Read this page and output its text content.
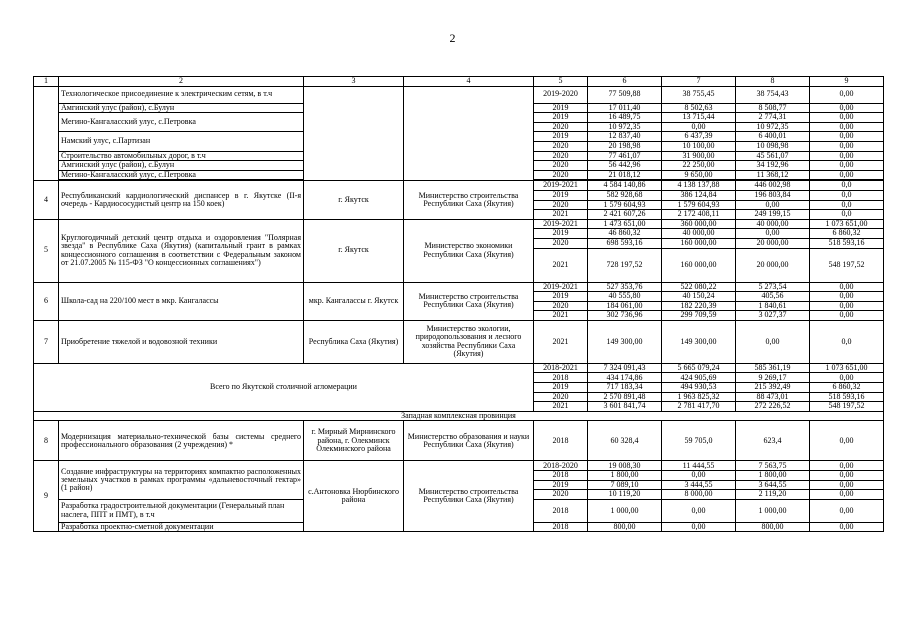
2
1	2	3	4	5	6	7	8	9
	Технологическое присоединение к электрическим сетям, в т.ч			2019-2020	77 509,88	38 755,45	38 754,43	0,00
	Амгинский улус (район), с.Булун			2019	17 011,40	8 502,63	8 508,77	0,00
	Мегино-Кангаласский улус, с.Петровка			2019	16 489,75	13 715,44	2 774,31	0,00
				2020	10 972,35	0,00	10 972,35	0,00
	Намский улус, с.Партизан			2019	12 837,40	6 437,39	6 400,01	0,00
				2020	20 198,98	10 100,00	10 098,98	0,00
	Строительство автомобильных дорог, в т.ч			2020	77 461,07	31 900,00	45 561,07	0,00
	Амгинский улус (район), с.Булун			2020	56 442,96	22 250,00	34 192,96	0,00
	Мегино-Кангаласский улус, с.Петровка			2020	21 018,12	9 650,00	11 368,12	0,00

4	Республиканский кардиологический диспансер в г. Якутске (II-я очередь - Кардиососудистый центр на 150 коек)	г. Якутск	Министерство строительства Республики Саха (Якутия)	2019-2021	4 584 140,86	4 138 137,88	446 002,98	0,0
				2019	582 928,68	386 124,84	196 803,84	0,0
				2020	1 579 604,93	1 579 604,93	0,00	0,0
				2021	2 421 607,26	2 172 408,11	249 199,15	0,0
5	Круглогодичный детский центр отдыха и оздоровления "Полярная звезда" в Республике Саха (Якутия) (капитальный грант в рамках концессионного соглашения в соответствии с Федеральным законом от 21.07.2005 № 115-ФЗ "О концессионных соглашениях")	г. Якутск	Министерство экономики Республики Саха (Якутия)	2019-2021	1 473 651,00	360 000,00	40 000,00	1 073 651,00
				2019	46 860,32	40 000,00	0,00	6 860,32
				2020	698 593,16	160 000,00	20 000,00	518 593,16
				2021	728 197,52	160 000,00	20 000,00	548 197,52
6	Школа-сад на 220/100 мест в мкр. Кангалассы	мкр. Кангалассы г. Якутск	Министерство строительства Республики Саха (Якутия)	2019-2021	527 353,76	522 080,22	5 273,54	0,00
				2019	40 555,80	40 150,24	405,56	0,00
				2020	184 061,00	182 220,39	1 840,61	0,00
				2021	302 736,96	299 709,59	3 027,37	0,00
7	Приобретение тяжелой и водовозной техники	Республика Саха (Якутия)	Министерство экологии, природопользования и лесного хозяйства Республики Саха (Якутия)	2021	149 300,00	149 300,00	0,00	0,0
Всего по Якутской столичной агломерации				2018-2021	7 324 091,43	5 665 079,24	585 361,19	1 073 651,00
				2018	434 174,86	424 905,69	9 269,17	0,00
				2019	717 183,34	494 930,53	215 392,49	6 860,32
				2020	2 570 891,48	1 963 825,32	88 473,01	518 593,16
				2021	3 601 841,74	2 781 417,70	272 226,52	548 197,52
Западная комплексная провинция								
8	Модернизация материально-технической базы системы среднего профессионального образования (2 учреждения) *	г. Мирный Мирнинского района, г. Олекминск Олекминского района	Министерство образования и науки Республики Саха (Якутия)	2018	60 328,4	59 705,0	623,4	0,00
9	Создание инфраструктуры на территориях компактно расположенных земельных участков в рамках программы «дальневосточный гектар» (1 район)	с.Антоновка Нюрбинского района	Министерство строительства Республики Саха (Якутия)	2018-2020	19 008,30	11 444,55	7 563,75	0,00
				2018	1 800,00	0,00	1 800,00	0,00
				2019	7 089,10	3 444,55	3 644,55	0,00
				2020	10 119,20	8 000,00	2 119,20	0,00
	Разработка градостроительной документации (Генеральный план наслега, ППТ и ПМТ), в т.ч			2018	1 000,00	0,00	1 000,00	0,00
	Разработка проектно-сметной документации			2018	800,00	0,00	800,00	0,00
